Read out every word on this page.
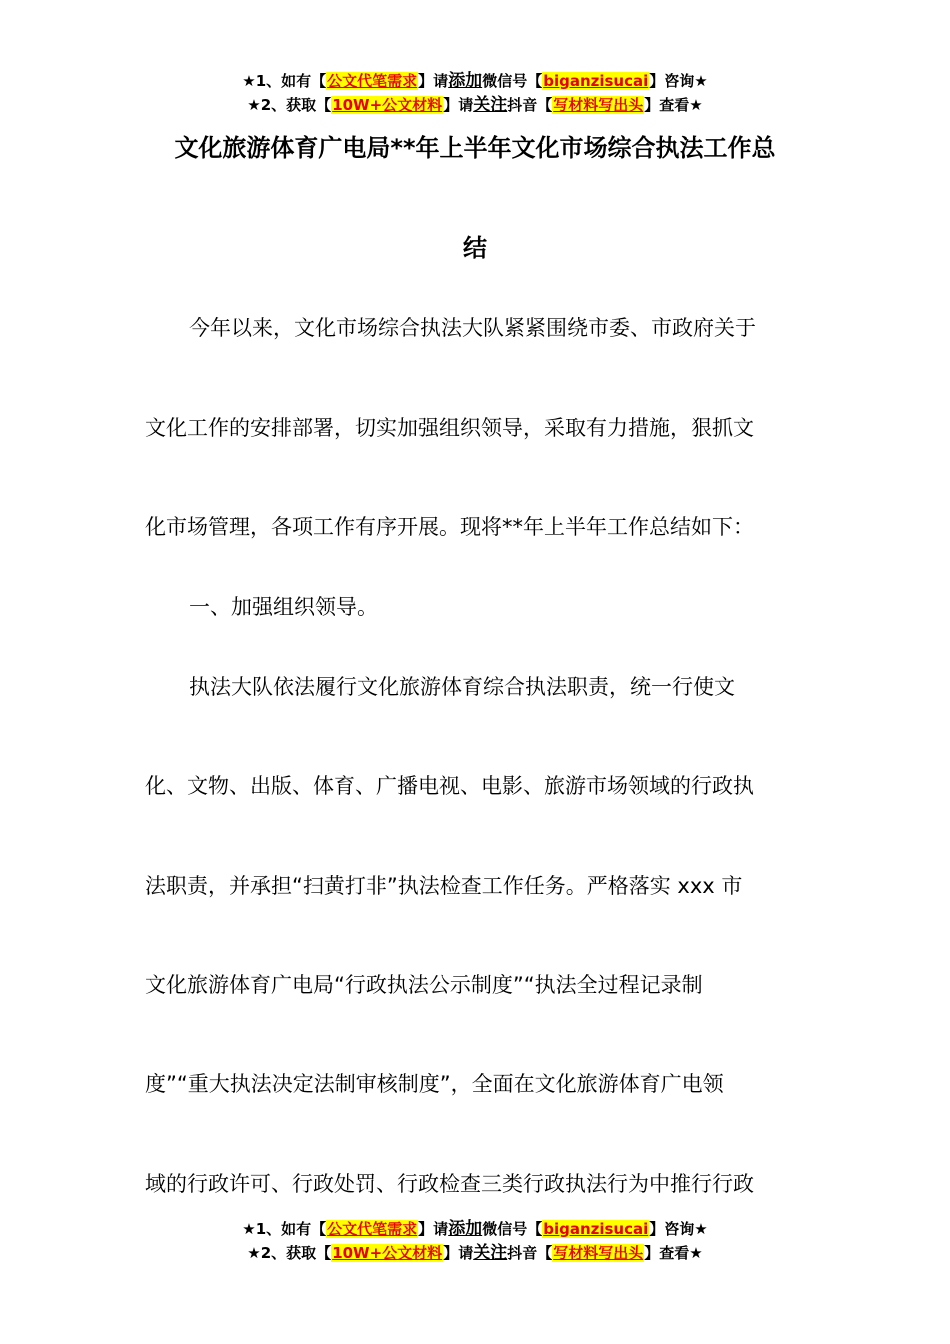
★1、如有【公文代笔需求】请添加微信号【biganzisucai】咨询★
★2、获取【10W+公文材料】请关注抖音【写材料写出头】查看★
文化旅游体育广电局**年上半年文化市场综合执法工作总
结
今年以来，文化市场综合执法大队紧紧围绕市委、市政府关于
文化工作的安排部署，切实加强组织领导，采取有力措施，狠抓文
化市场管理，各项工作有序开展。现将**年上半年工作总结如下：
一、加强组织领导。
执法大队依法履行文化旅游体育综合执法职责，统一行使文
化、文物、出版、体育、广播电视、电影、旅游市场领域的行政执
法职责，并承担“扫黄打非”执法检查工作任务。严格落实 xxx 市
文化旅游体育广电局“行政执法公示制度”“执法全过程记录制
度”“重大执法决定法制审核制度”，全面在文化旅游体育广电领
域的行政许可、行政处罚、行政检查三类行政执法行为中推行行政
★1、如有【公文代笔需求】请添加微信号【biganzisucai】咨询★
★2、获取【10W+公文材料】请关注抖音【写材料写出头】查看★
